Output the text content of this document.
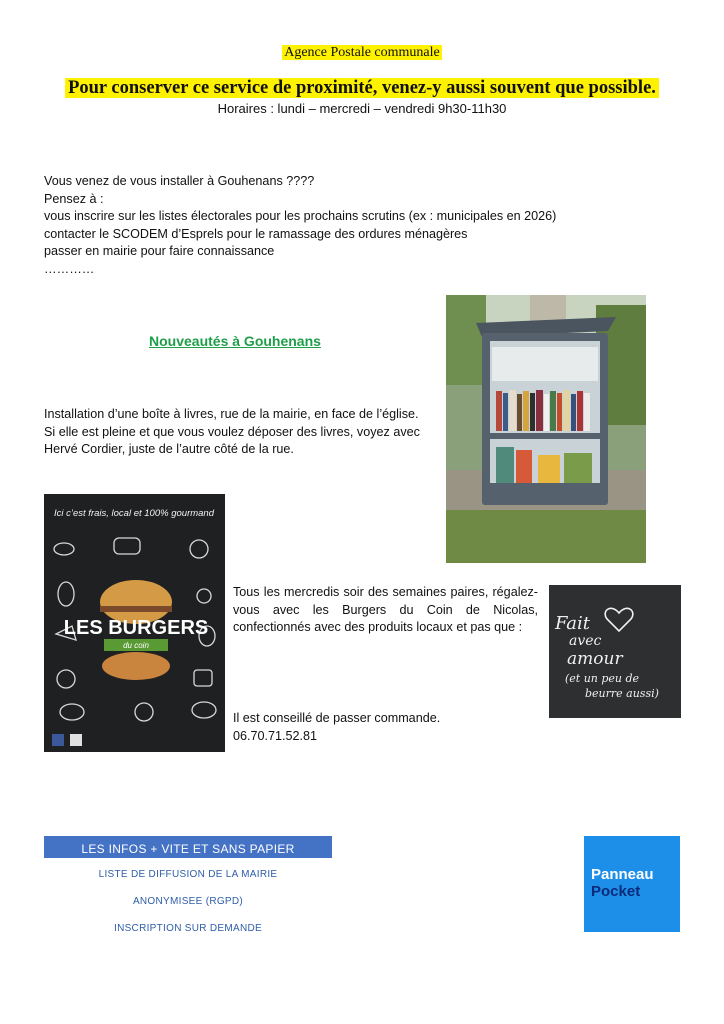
Agence Postale communale
Pour conserver ce service de proximité, venez-y aussi souvent que possible.
Horaires : lundi – mercredi – vendredi 9h30-11h30
Vous venez de vous installer à Gouhenans ????
Pensez à :
vous inscrire sur les listes électorales pour les prochains scrutins (ex : municipales en 2026)
contacter le SCODEM d’Esprels pour le ramassage des ordures ménagères
passer en mairie pour faire connaissance
…………
Nouveautés à Gouhenans
Installation d’une boîte à livres, rue de la mairie, en face de l’église.
Si elle est pleine et que vous voulez déposer des livres, voyez avec
Hervé Cordier, juste de l’autre côté de la rue.
Ici c’est frais, local et 100% gourmand
LES BURGERS
du coin
Tous les mercredis soir des semaines paires, régalez-vous avec les Burgers du Coin de Nicolas, confectionnés avec des produits locaux et pas que :	Fait
avec
amour
(et un peu de
beurre aussi)
Il est conseillé de passer commande.
06.70.71.52.81
LES INFOS + VITE ET SANS PAPIER
LISTE DE DIFFUSION DE LA MAIRIE
ANONYMISEE (RGPD)
INSCRIPTION SUR DEMANDE
Panneau
Pocket
